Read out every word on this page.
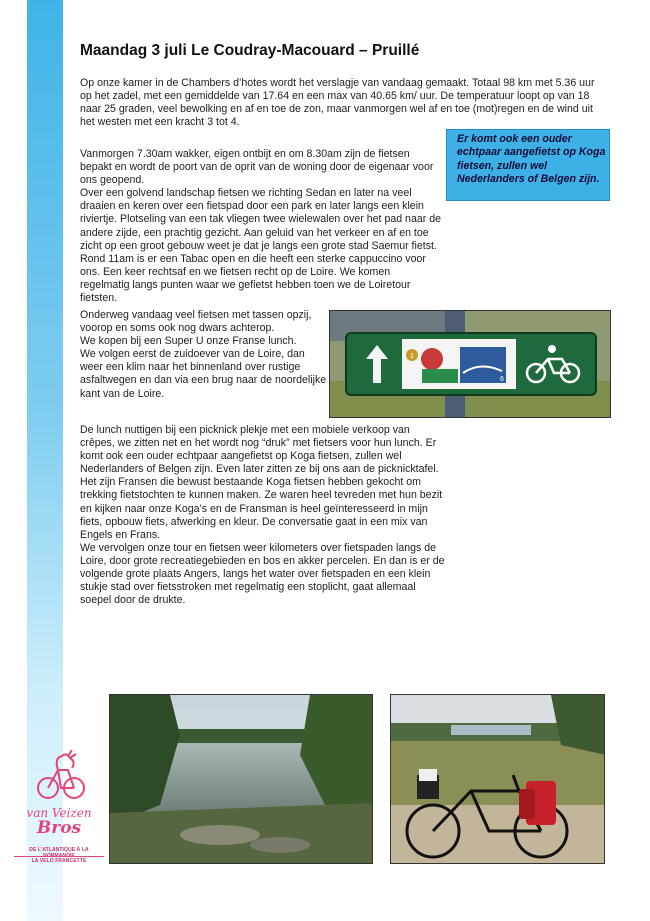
Maandag 3 juli Le Coudray-Macouard – Pruillé

Op onze kamer in de Chambers d’hotes wordt het verslagje van vandaag gemaakt. Totaal 98 km met 5.36 uur op het zadel, met een gemiddelde van 17.64 en een max van 40.65 km/ uur. De temperatuur loopt op van 18 naar 25 graden, veel bewolking en af en toe de zon, maar vanmorgen wel af en toe (mot)regen en de wind uit het westen met een kracht 3 tot 4.

Er komt ook een ouder echtpaar aangefietst op Koga fietsen, zullen wel Nederlanders of Belgen zijn.

Vanmorgen 7.30am wakker, eigen ontbijt en om 8.30am zijn de fietsen bepakt en wordt de poort van de oprit van de woning door de eigenaar voor ons geopend.
Over een golvend landschap fietsen we richting Sedan en later na veel draaien en keren over een fietspad door een park en later langs een klein riviertje. Plotseling van een tak vliegen twee wielewalen over het pad naar de andere zijde, een prachtig gezicht. Aan geluid van het verkeer en af en toe zicht op een groot gebouw weet je dat je langs een grote stad Saemur fietst. Rond 11am is er een Tabac open en die heeft een sterke cappuccino voor ons. Een keer rechtsaf en we fietsen recht op de Loire. We komen regelmatig langs punten waar we gefietst hebben toen we de Loiretour fietsten.

Onderweg vandaag veel fietsen met tassen opzij, voorop en soms ook nog dwars achterop.
We kopen bij een Super U onze Franse lunch.
We volgen eerst de zuidoever van de Loire, dan weer een klim naar het binnenland over rustige asfaltwegen en dan via een brug naar de noordelijke kant van de Loire.

De lunch nuttigen bij een picknick plekje met een mobiele verkoop van crêpes, we zitten net en het wordt nog “druk” met fietsers voor hun lunch. Er komt ook een ouder echtpaar aangefietst op Koga fietsen, zullen wel Nederlanders of Belgen zijn. Even later zitten ze bij ons aan de picknicktafel. Het zijn Fransen die bewust bestaande Koga fietsen hebben gekocht om trekking fietstochten te kunnen maken. Ze waren heel tevreden met hun bezit en kijken naar onze Koga’s en de Fransman is heel geïnteresseerd in mijn fiets, opbouw fiets, afwerking en kleur. De conversatie gaat in een mix van Engels en Frans.
We vervolgen onze tour en fietsen weer kilometers over fietspaden langs de Loire, door grote recreatiegebieden en bos en akker percelen. En dan is er de volgende grote plaats Angers, langs het water over fietspaden en een klein stukje stad over fietsstroken met regelmatig een stoplicht, gaat allemaal soepel door de drukte.

1
6
van Veizen
Bros
DE L'ATLANTIQUE À LA NORMANDIE
LA VELO FRANCETTE
